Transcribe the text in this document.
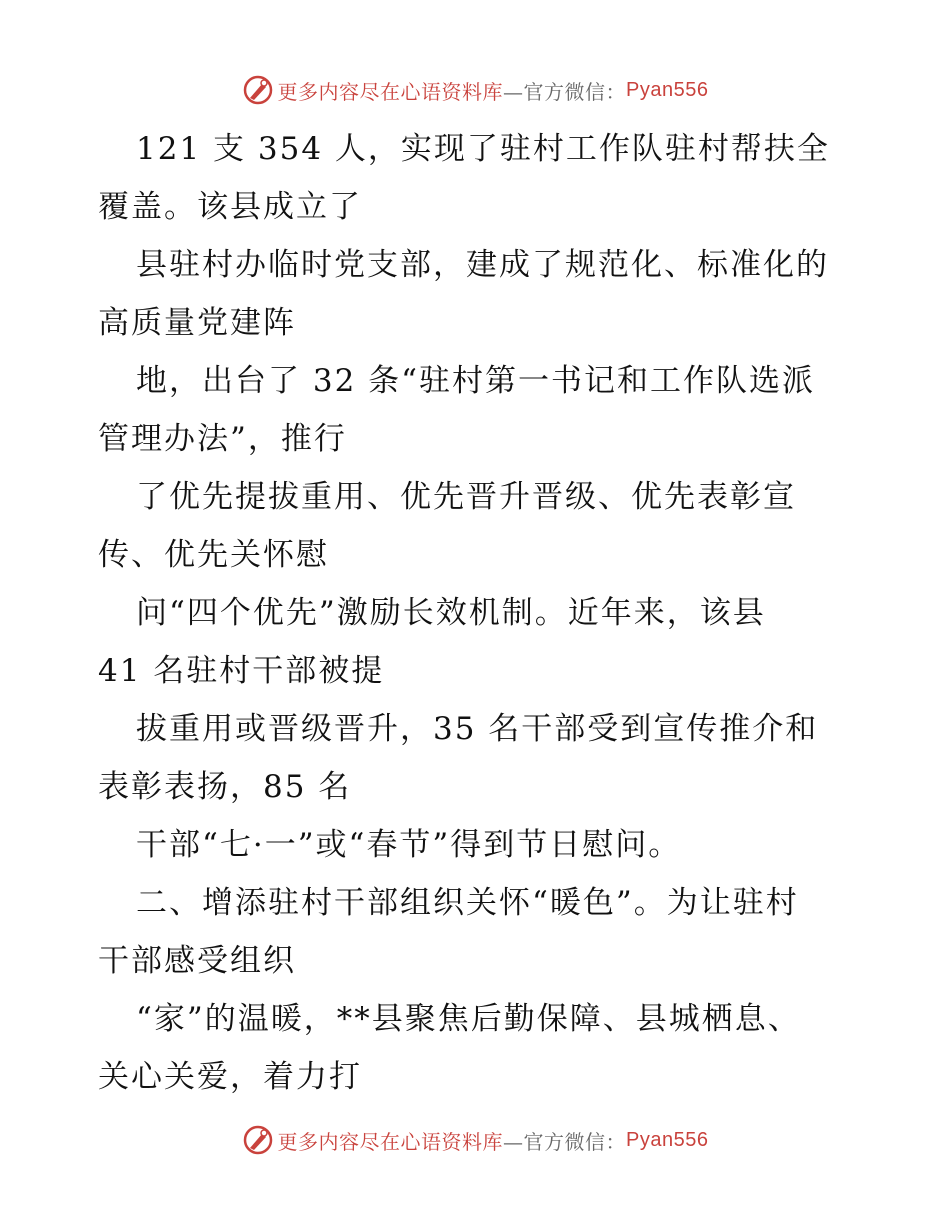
更多内容尽在心语资料库 —官方微信： Pyan556
121 支 354 人，实现了驻村工作队驻村帮扶全
覆盖。该县成立了
县驻村办临时党支部，建成了规范化、标准化的
高质量党建阵
地，出台了 32 条“驻村第一书记和工作队选派
管理办法”，推行
了优先提拔重用、优先晋升晋级、优先表彰宣
传、优先关怀慰
问“四个优先”激励长效机制。近年来，该县
41 名驻村干部被提
拔重用或晋级晋升，35 名干部受到宣传推介和
表彰表扬，85 名
干部“七·一”或“春节”得到节日慰问。
二、增添驻村干部组织关怀“暖色”。为让驻村
干部感受组织
“家”的温暖，**县聚焦后勤保障、县城栖息、
关心关爱，着力打
更多内容尽在心语资料库 —官方微信： Pyan556
